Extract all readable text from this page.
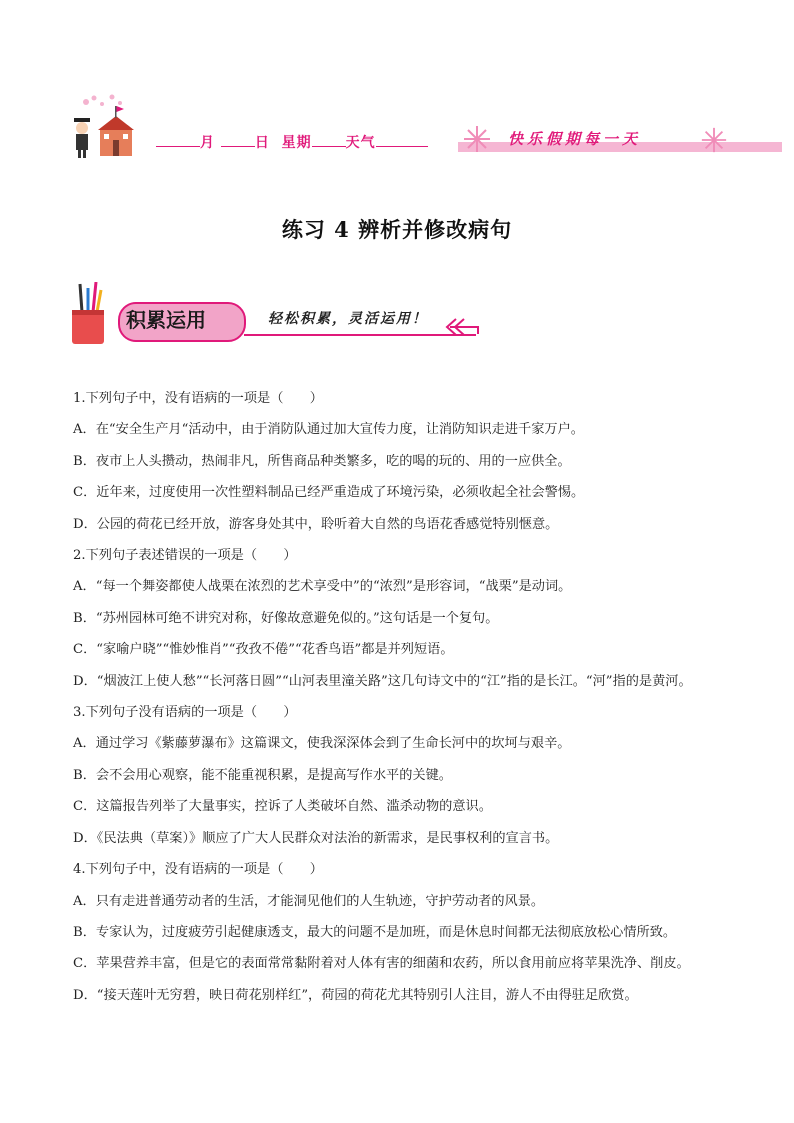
月	日 星期 天气	快乐假期每一天
练习 4 辨析并修改病句
积累运用	轻松积累，灵活运用！

1.下列句子中，没有语病的一项是（　　）

A．在“安全生产月“活动中，由于消防队通过加大宣传力度，让消防知识走进千家万户。

B．夜市上人头攒动，热闹非凡，所售商品种类繁多，吃的喝的玩的、用的一应供全。

C．近年来，过度使用一次性塑料制品已经严重造成了环境污染，必须收起全社会警惕。

D．公园的荷花已经开放，游客身处其中，聆听着大自然的鸟语花香感觉特别惬意。

2.下列句子表述错误的一项是（　　）

A．“每一个舞姿都使人战栗在浓烈的艺术享受中”的“浓烈”是形容词，“战栗”是动词。

B．“苏州园林可绝不讲究对称，好像故意避免似的。”这句话是一个复句。

C．“家喻户晓”“惟妙惟肖”“孜孜不倦”“花香鸟语”都是并列短语。

D．“烟波江上使人愁”“长河落日圆”“山河表里潼关路”这几句诗文中的“江”指的是长江。“河”指的是黄河。

3.下列句子没有语病的一项是（　　）

A．通过学习《紫藤萝瀑布》这篇课文，使我深深体会到了生命长河中的坎坷与艰辛。

B．会不会用心观察，能不能重视积累，是提高写作水平的关键。

C．这篇报告列举了大量事实，控诉了人类破坏自然、滥杀动物的意识。

D．《民法典（草案）》顺应了广大人民群众对法治的新需求，是民事权利的宣言书。

4.下列句子中，没有语病的一项是（　　）

A．只有走进普通劳动者的生活，才能洞见他们的人生轨迹，守护劳动者的风景。

B．专家认为，过度疲劳引起健康透支，最大的问题不是加班，而是休息时间都无法彻底放松心情所致。

C．苹果营养丰富，但是它的表面常常黏附着对人体有害的细菌和农药，所以食用前应将苹果洗净、削皮。

D．“接天莲叶无穷碧，映日荷花别样红”，荷园的荷花尤其特别引人注目，游人不由得驻足欣赏。
